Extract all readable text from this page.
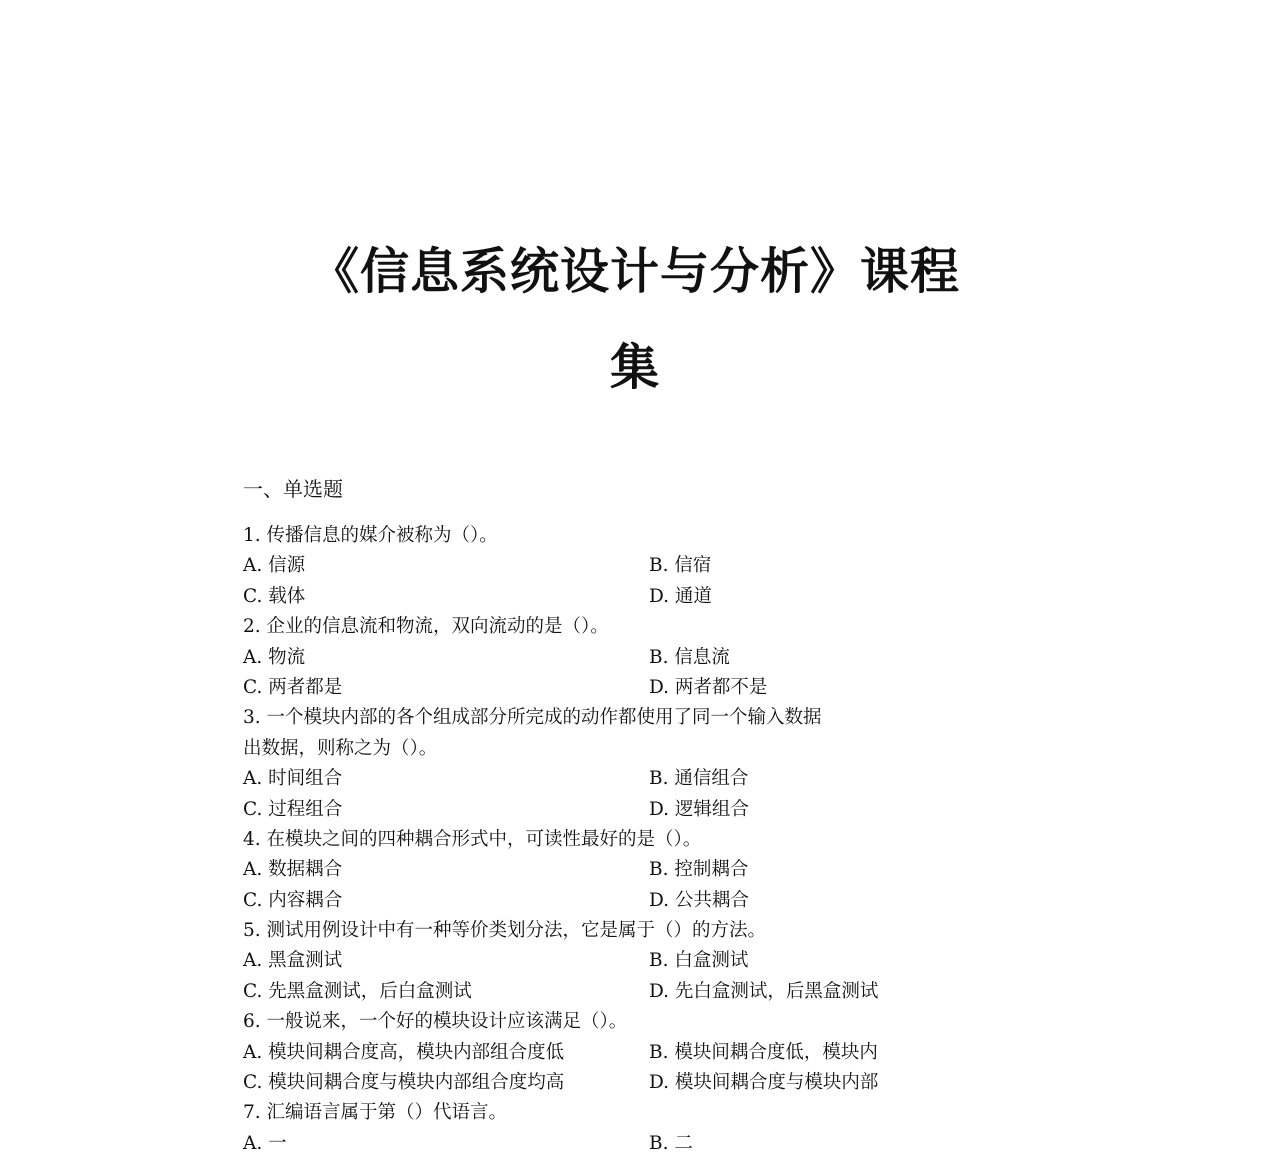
《信息系统设计与分析》课程
集
一、单选题
1. 传播信息的媒介被称为（）。
A. 信源	B. 信宿
C. 载体	D. 通道
2. 企业的信息流和物流，双向流动的是（）。
A. 物流	B. 信息流
C. 两者都是	D. 两者都不是
3. 一个模块内部的各个组成部分所完成的动作都使用了同一个输入数据
出数据，则称之为（）。
A. 时间组合	B. 通信组合
C. 过程组合	D. 逻辑组合
4. 在模块之间的四种耦合形式中，可读性最好的是（）。
A. 数据耦合	B. 控制耦合
C. 内容耦合	D. 公共耦合
5. 测试用例设计中有一种等价类划分法，它是属于（）的方法。
A. 黑盒测试	B. 白盒测试
C. 先黑盒测试，后白盒测试	D. 先白盒测试，后黑盒测试
6. 一般说来，一个好的模块设计应该满足（）。
A. 模块间耦合度高，模块内部组合度低	B. 模块间耦合度低，模块内
C. 模块间耦合度与模块内部组合度均高	D. 模块间耦合度与模块内部
7. 汇编语言属于第（）代语言。
A. 一	B. 二
